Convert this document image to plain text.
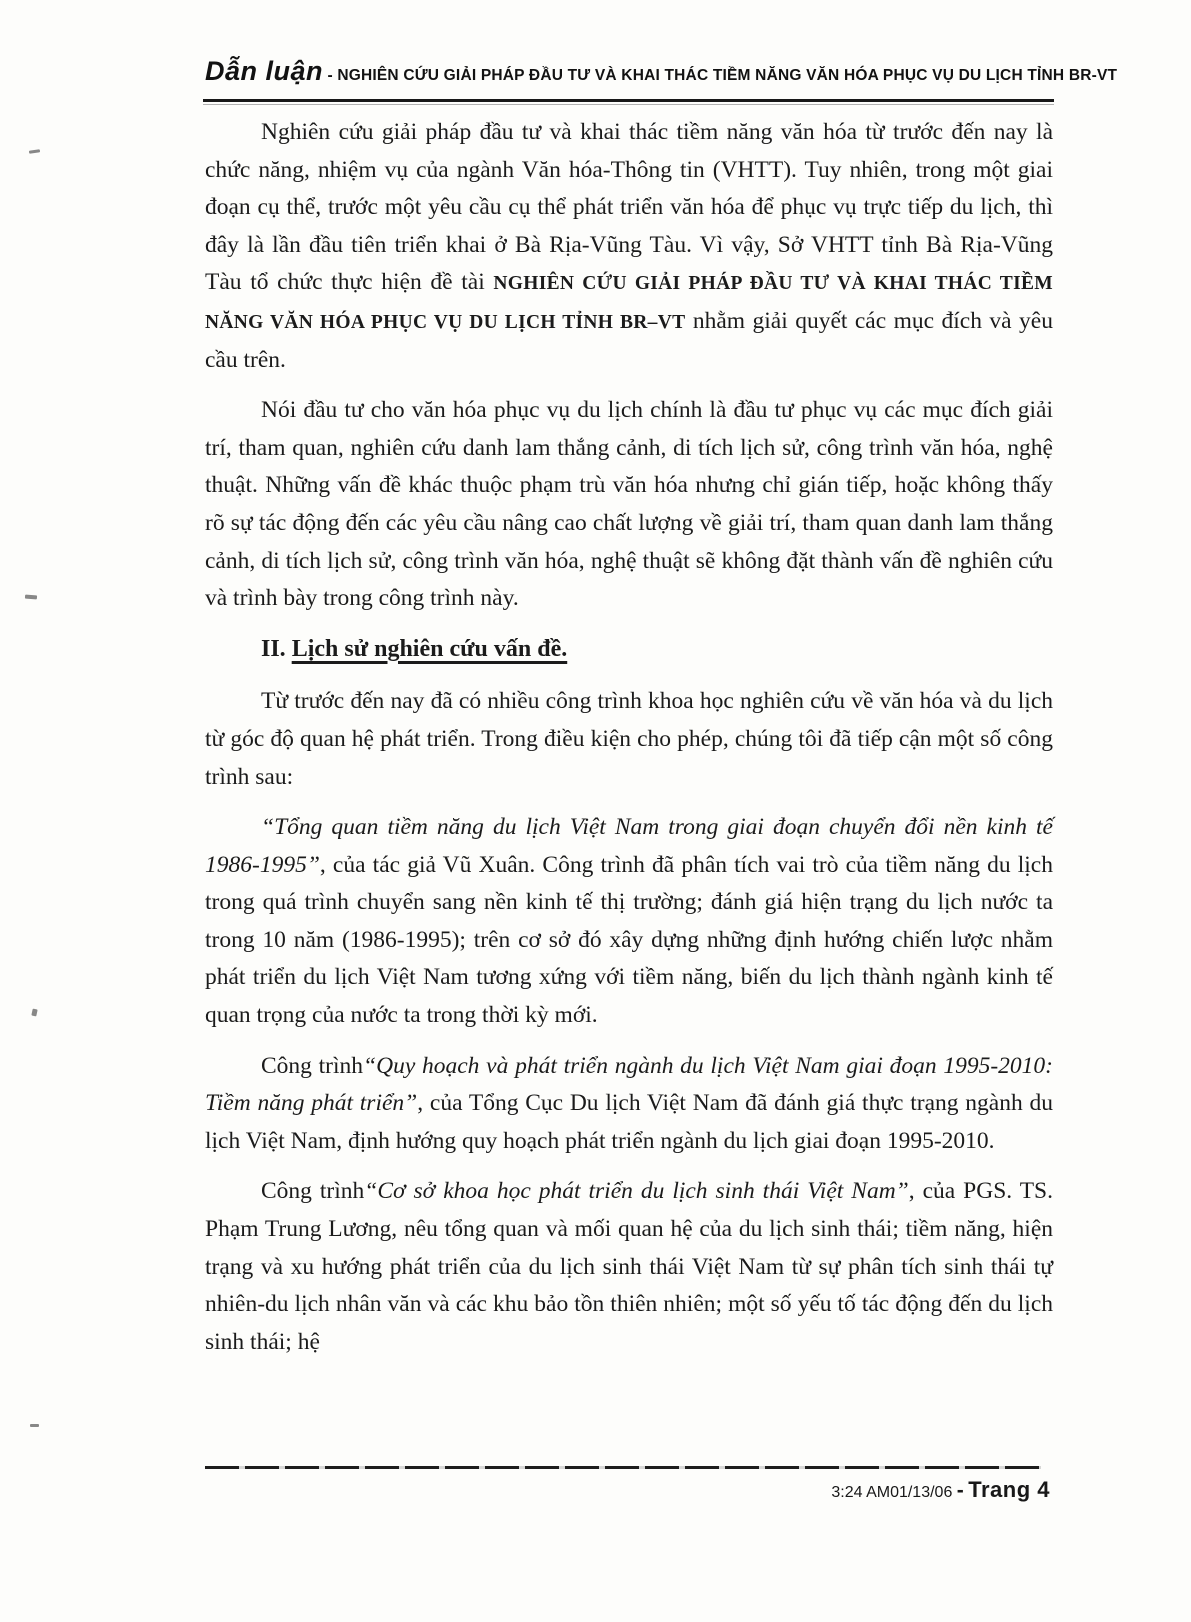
Dẫn luận - NGHIÊN CỨU GIẢI PHÁP ĐẦU TƯ VÀ KHAI THÁC TIỀM NĂNG VĂN HÓA PHỤC VỤ DU LỊCH TỈNH BR-VT

Nghiên cứu giải pháp đầu tư và khai thác tiềm năng văn hóa từ trước đến nay là chức năng, nhiệm vụ của ngành Văn hóa-Thông tin (VHTT). Tuy nhiên, trong một giai đoạn cụ thể, trước một yêu cầu cụ thể phát triển văn hóa để phục vụ trực tiếp du lịch, thì đây là lần đầu tiên triển khai ở Bà Rịa-Vũng Tàu. Vì vậy, Sở VHTT tỉnh Bà Rịa-Vũng Tàu tổ chức thực hiện đề tài NGHIÊN CỨU GIẢI PHÁP ĐẦU TƯ VÀ KHAI THÁC TIỀM NĂNG VĂN HÓA PHỤC VỤ DU LỊCH TỈNH BR–VT nhằm giải quyết các mục đích và yêu cầu trên.

Nói đầu tư cho văn hóa phục vụ du lịch chính là đầu tư phục vụ các mục đích giải trí, tham quan, nghiên cứu danh lam thắng cảnh, di tích lịch sử, công trình văn hóa, nghệ thuật. Những vấn đề khác thuộc phạm trù văn hóa nhưng chỉ gián tiếp, hoặc không thấy rõ sự tác động đến các yêu cầu nâng cao chất lượng về giải trí, tham quan danh lam thắng cảnh, di tích lịch sử, công trình văn hóa, nghệ thuật sẽ không đặt thành vấn đề nghiên cứu và trình bày trong công trình này.

II. Lịch sử nghiên cứu vấn đề.

Từ trước đến nay đã có nhiều công trình khoa học nghiên cứu về văn hóa và du lịch từ góc độ quan hệ phát triển. Trong điều kiện cho phép, chúng tôi đã tiếp cận một số công trình sau:

“Tổng quan tiềm năng du lịch Việt Nam trong giai đoạn chuyển đổi nền kinh tế 1986-1995”, của tác giả Vũ Xuân. Công trình đã phân tích vai trò của tiềm năng du lịch trong quá trình chuyển sang nền kinh tế thị trường; đánh giá hiện trạng du lịch nước ta trong 10 năm (1986-1995); trên cơ sở đó xây dựng những định hướng chiến lược nhằm phát triển du lịch Việt Nam tương xứng với tiềm năng, biến du lịch thành ngành kinh tế quan trọng của nước ta trong thời kỳ mới.

Công trình“Quy hoạch và phát triển ngành du lịch Việt Nam giai đoạn 1995-2010: Tiềm năng phát triển”, của Tổng Cục Du lịch Việt Nam đã đánh giá thực trạng ngành du lịch Việt Nam, định hướng quy hoạch phát triển ngành du lịch giai đoạn 1995-2010.

Công trình“Cơ sở khoa học phát triển du lịch sinh thái Việt Nam”, của PGS. TS. Phạm Trung Lương, nêu tổng quan và mối quan hệ của du lịch sinh thái; tiềm năng, hiện trạng và xu hướng phát triển của du lịch sinh thái Việt Nam từ sự phân tích sinh thái tự nhiên-du lịch nhân văn và các khu bảo tồn thiên nhiên; một số yếu tố tác động đến du lịch sinh thái; hệ

3:24 AM01/13/06 - Trang 4
